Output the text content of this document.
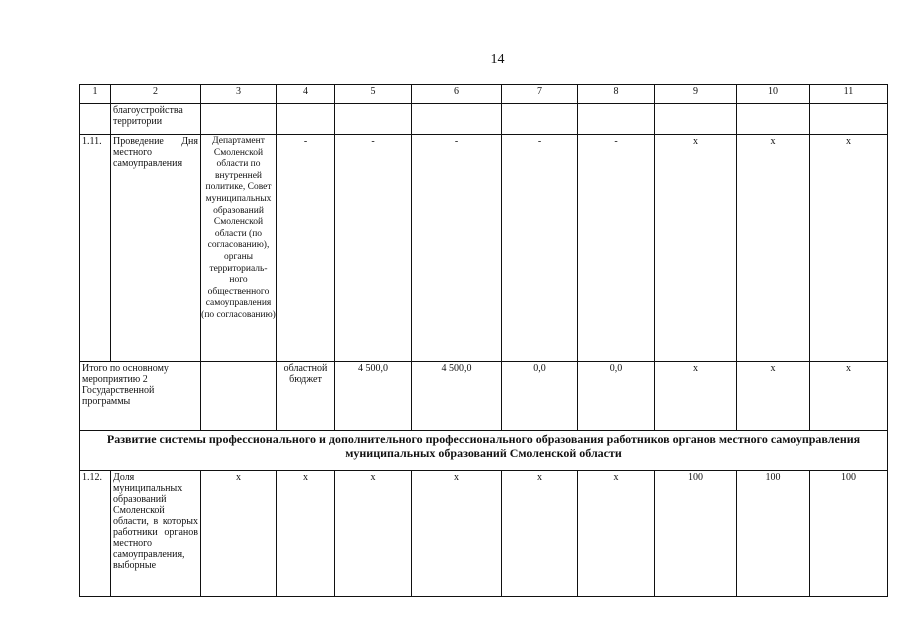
14
1	2	3	4	5	6	7	8	9	10	11
	благоустройства территории									
1.11.	Проведение Дня местного самоуправления	Департамент Смоленской области по внутренней политике, Совет муниципальных образований Смоленской области (по согласованию), органы территориаль-ного общественного самоуправления (по согласованию)	-	-	-	-	-	x	x	x
Итого по основному мероприятию 2 Государственной программы			областной бюджет	4 500,0	4 500,0	0,0	0,0	x	x	x
Развитие системы профессионального и дополнительного профессионального образования работников органов местного самоуправления муниципальных образований Смоленской области										
1.12.	Доля муниципальных образований Смоленской области, в которых работники органов местного самоуправления, выборные	x	x	x	x	x	x	100	100	100
